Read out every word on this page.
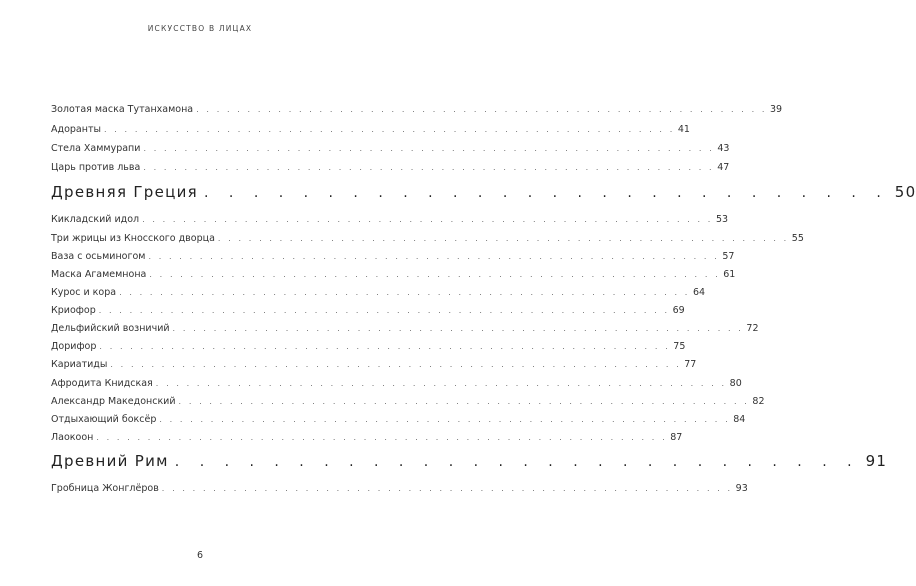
ИСКУССТВО В ЛИЦАХ
Золотая маска Тутанхамона . . . . . . . . . . . . . . . . . . . . . . . . . . . . . . . . . . . . . . . . . . . . . . . . . . . . . . . . 39
Адоранты . . . . . . . . . . . . . . . . . . . . . . . . . . . . . . . . . . . . . . . . . . . . . . . . . . . . . . . . 41
Стела Хаммурапи . . . . . . . . . . . . . . . . . . . . . . . . . . . . . . . . . . . . . . . . . . . . . . . . . . . . . . . . 43
Царь против льва . . . . . . . . . . . . . . . . . . . . . . . . . . . . . . . . . . . . . . . . . . . . . . . . . . . . . . . . 47
Древняя Греция . . . . . . . . . . . . . . . . . . . . . . . . . . . . 50
Кикладский идол . . . . . . . . . . . . . . . . . . . . . . . . . . . . . . . . . . . . . . . . . . . . . . . . . . . . . . . . 53
Три жрицы из Кносского дворца . . . . . . . . . . . . . . . . . . . . . . . . . . . . . . . . . . . . . . . . . . . . . . . . . . . . . . . . 55
Ваза с осьминогом . . . . . . . . . . . . . . . . . . . . . . . . . . . . . . . . . . . . . . . . . . . . . . . . . . . . . . . . 57
Маска Агамемнона . . . . . . . . . . . . . . . . . . . . . . . . . . . . . . . . . . . . . . . . . . . . . . . . . . . . . . . . 61
Курос и кора . . . . . . . . . . . . . . . . . . . . . . . . . . . . . . . . . . . . . . . . . . . . . . . . . . . . . . . . 64
Криофор . . . . . . . . . . . . . . . . . . . . . . . . . . . . . . . . . . . . . . . . . . . . . . . . . . . . . . . . 69
Дельфийский возничий . . . . . . . . . . . . . . . . . . . . . . . . . . . . . . . . . . . . . . . . . . . . . . . . . . . . . . . . 72
Дорифор . . . . . . . . . . . . . . . . . . . . . . . . . . . . . . . . . . . . . . . . . . . . . . . . . . . . . . . . 75
Кариатиды . . . . . . . . . . . . . . . . . . . . . . . . . . . . . . . . . . . . . . . . . . . . . . . . . . . . . . . . 77
Афродита Книдская . . . . . . . . . . . . . . . . . . . . . . . . . . . . . . . . . . . . . . . . . . . . . . . . . . . . . . . . 80
Александр Македонский . . . . . . . . . . . . . . . . . . . . . . . . . . . . . . . . . . . . . . . . . . . . . . . . . . . . . . . . 82
Отдыхающий боксёр . . . . . . . . . . . . . . . . . . . . . . . . . . . . . . . . . . . . . . . . . . . . . . . . . . . . . . . . 84
Лаокоон . . . . . . . . . . . . . . . . . . . . . . . . . . . . . . . . . . . . . . . . . . . . . . . . . . . . . . . . 87
Древний Рим . . . . . . . . . . . . . . . . . . . . . . . . . . . . 91
Гробница Жонглёров . . . . . . . . . . . . . . . . . . . . . . . . . . . . . . . . . . . . . . . . . . . . . . . . . . . . . . . . 93
6
